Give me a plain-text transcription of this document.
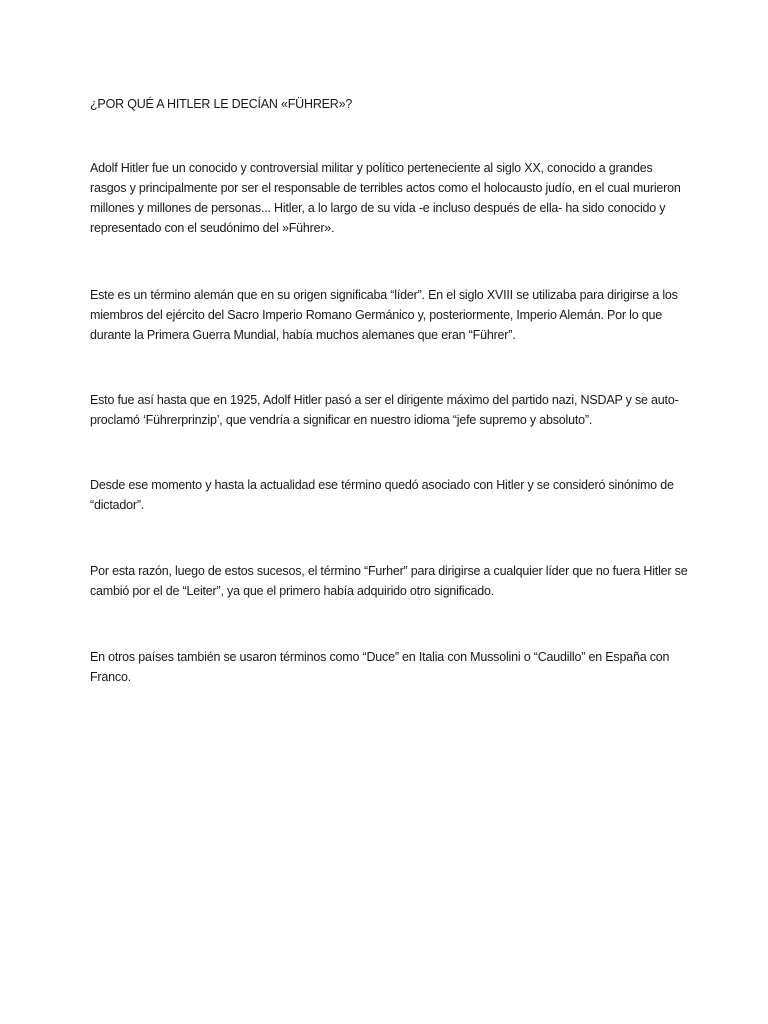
¿POR QUÉ A HITLER LE DECÍAN «FÜHRER»?

Adolf Hitler fue un conocido y controversial militar y político perteneciente al siglo XX, conocido a grandes rasgos y principalmente por ser el responsable de terribles actos como el holocausto judío, en el cual murieron millones y millones de personas... Hitler, a lo largo de su vida -e incluso después de ella- ha sido conocido y representado con el seudónimo del »Führer».

Este es un término alemán que en su origen significaba “líder”. En el siglo XVIII se utilizaba para dirigirse a los miembros del ejército del Sacro Imperio Romano Germánico y, posteriormente, Imperio Alemán. Por lo que durante la Primera Guerra Mundial, había muchos alemanes que eran “Führer”.

Esto fue así hasta que en 1925, Adolf Hitler pasó a ser el dirigente máximo del partido nazi, NSDAP y se auto-proclamó ‘Führerprinzip’, que vendría a significar en nuestro idioma “jefe supremo y absoluto”.

Desde ese momento y hasta la actualidad ese término quedó asociado con Hitler y se consideró sinónimo de “dictador”.

Por esta razón, luego de estos sucesos, el término “Furher” para dirigirse a cualquier líder que no fuera Hitler se cambió por el de “Leiter”, ya que el primero había adquirido otro significado.

En otros países también se usaron términos como “Duce” en Italia con Mussolini o “Caudillo” en España con Franco.
